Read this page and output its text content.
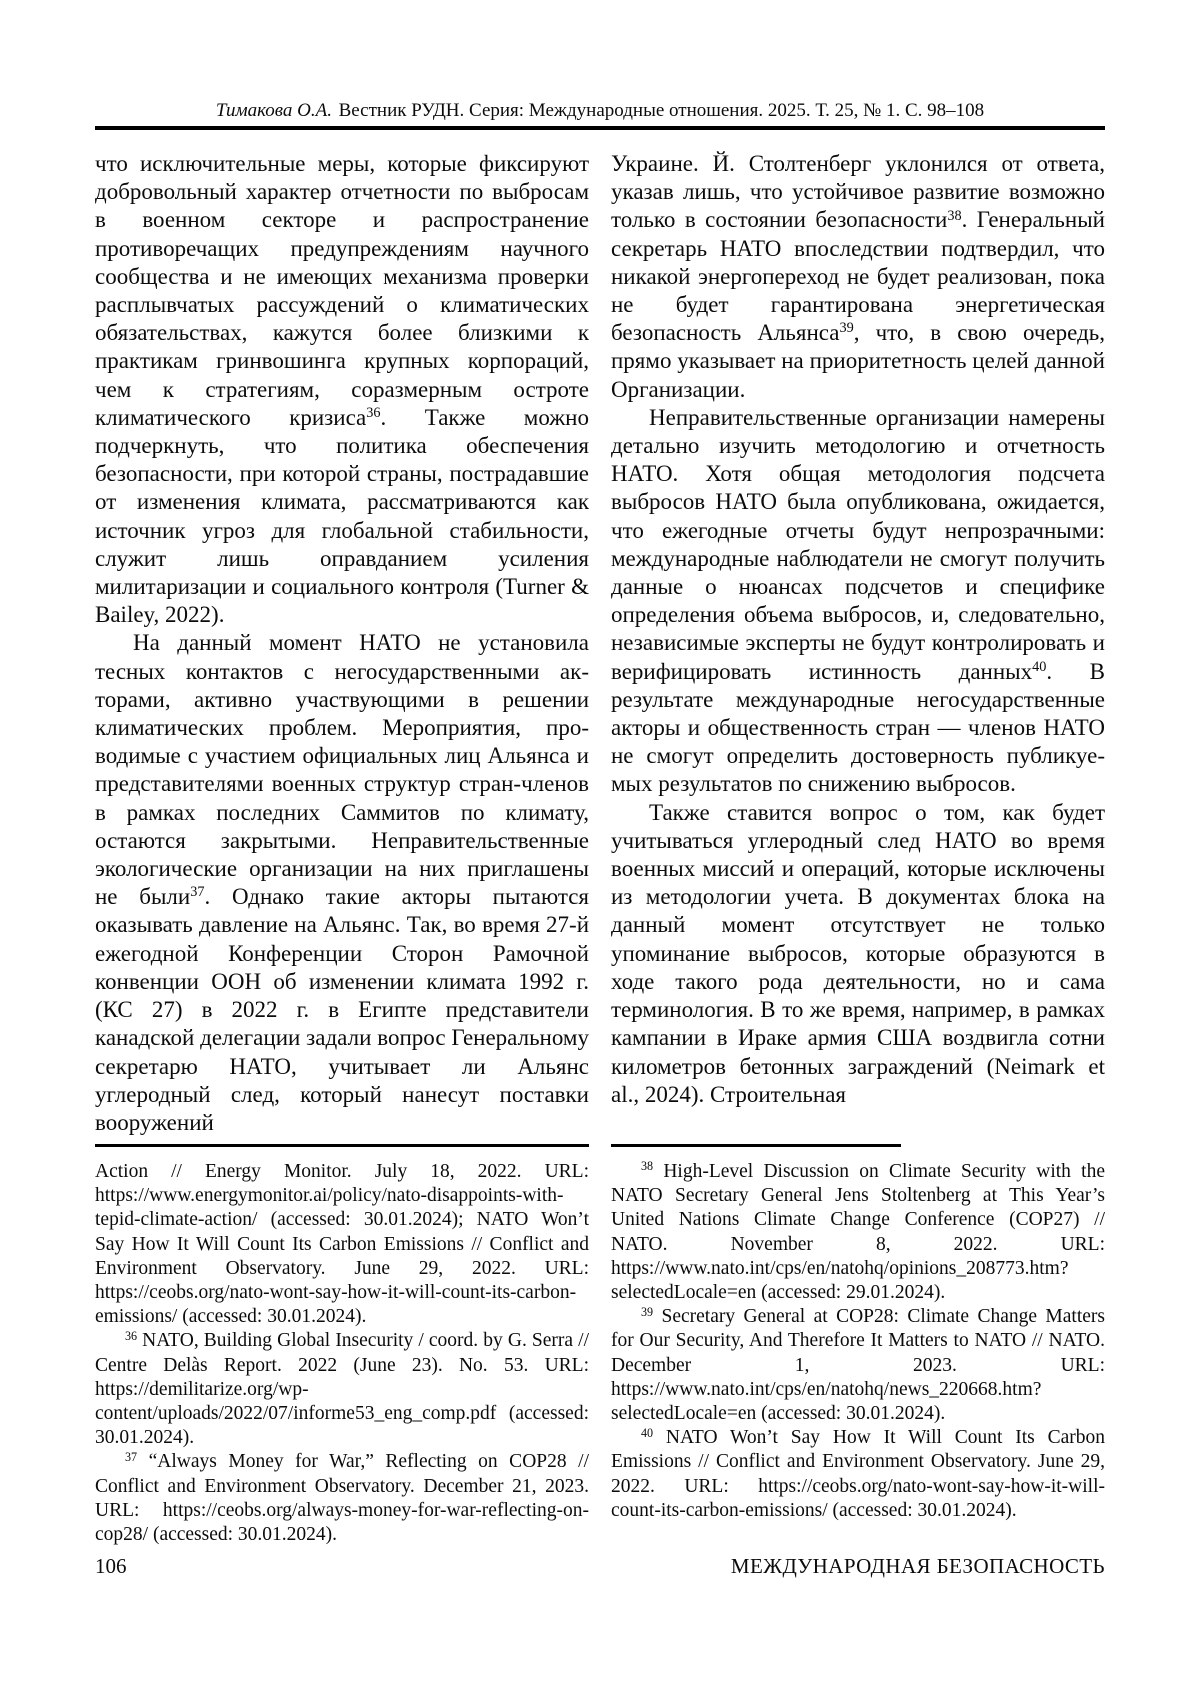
Тимакова О.А. Вестник РУДН. Серия: Международные отношения. 2025. Т. 25, № 1. С. 98–108

что исключительные меры, которые фиксируют добровольный характер отчетности по выбросам в военном секторе и распространение противоречащих предупреждениям научного сообщества и не имеющих механизма проверки расплывчатых рассуждений о климатических обязательствах, кажутся более близкими к практикам гринвошинга крупных корпораций, чем к стратегиям, соразмерным остроте климатического кризиса$^{36}$. Также можно подчеркнуть, что политика обеспечения безопасности, при которой страны, пострадавшие от изменения климата, рассматриваются как источник угроз для глобальной стабильности, служит лишь оправданием усиления милитаризации и социального контроля (Turner & Bailey, 2022).

На данный момент НАТО не установила тесных контактов с негосударственными акторами, активно участвующими в решении климатических проблем. Мероприятия, проводимые с участием официальных лиц Альянса и представителями военных структур стран-членов в рамках последних Саммитов по климату, остаются закрытыми. Неправительственные экологические организации на них приглашены не были$^{37}$. Однако такие акторы пытаются оказывать давление на Альянс. Так, во время 27-й ежегодной Конференции Сторон Рамочной конвенции ООН об изменении климата 1992 г. (КС 27) в 2022 г. в Египте представители канадской делегации задали вопрос Генеральному секретарю НАТО, учитывает ли Альянс углеродный след, который нанесут поставки вооружений

Украине. Й. Столтенберг уклонился от ответа, указав лишь, что устойчивое развитие возможно только в состоянии безопасности$^{38}$. Генеральный секретарь НАТО впоследствии подтвердил, что никакой энергопереход не будет реализован, пока не будет гарантирована энергетическая безопасность Альянса$^{39}$, что, в свою очередь, прямо указывает на приоритетность целей данной Организации.

Неправительственные организации намерены детально изучить методологию и отчетность НАТО. Хотя общая методология подсчета выбросов НАТО была опубликована, ожидается, что ежегодные отчеты будут непрозрачными: международные наблюдатели не смогут получить данные о нюансах подсчетов и специфике определения объема выбросов, и, следовательно, независимые эксперты не будут контролировать и верифицировать истинность данных$^{40}$. В результате международные негосударственные акторы и общественность стран — членов НАТО не смогут определить достоверность публикуемых результатов по снижению выбросов.

Также ставится вопрос о том, как будет учитываться углеродный след НАТО во время военных миссий и операций, которые исключены из методологии учета. В документах блока на данный момент отсутствует не только упоминание выбросов, которые образуются в ходе такого рода деятельности, но и сама терминология. В то же время, например, в рамках кампании в Ираке армия США воздвигла сотни километров бетонных заграждений (Neimark et al., 2024). Строительная

Action // Energy Monitor. July 18, 2022. URL: https://www.energymonitor.ai/policy/nato-disappoints-with-tepid-climate-action/ (accessed: 30.01.2024); NATO Won’t Say How It Will Count Its Carbon Emissions // Conflict and Environment Observatory. June 29, 2022. URL: https://ceobs.org/nato-wont-say-how-it-will-count-its-carbon-emissions/ (accessed: 30.01.2024).

$^{36}$ NATO, Building Global Insecurity / coord. by G. Serra // Centre Delàs Report. 2022 (June 23). No. 53. URL: https://demilitarize.org/wp-content/uploads/2022/07/informe53_eng_comp.pdf (accessed: 30.01.2024).

$^{37}$ “Always Money for War,” Reflecting on COP28 // Conflict and Environment Observatory. December 21, 2023. URL: https://ceobs.org/always-money-for-war-reflecting-on-cop28/ (accessed: 30.01.2024).

$^{38}$ High-Level Discussion on Climate Security with the NATO Secretary General Jens Stoltenberg at This Year’s United Nations Climate Change Conference (COP27) // NATO. November 8, 2022. URL: https://www.nato.int/cps/en/natohq/opinions_208773.htm?selectedLocale=en (accessed: 29.01.2024).

$^{39}$ Secretary General at COP28: Climate Change Matters for Our Security, And Therefore It Matters to NATO // NATO. December 1, 2023. URL: https://www.nato.int/cps/en/natohq/news_220668.htm?selectedLocale=en (accessed: 30.01.2024).

$^{40}$ NATO Won’t Say How It Will Count Its Carbon Emissions // Conflict and Environment Observatory. June 29, 2022. URL: https://ceobs.org/nato-wont-say-how-it-will-count-its-carbon-emissions/ (accessed: 30.01.2024).

106	МЕЖДУНАРОДНАЯ БЕЗОПАСНОСТЬ
